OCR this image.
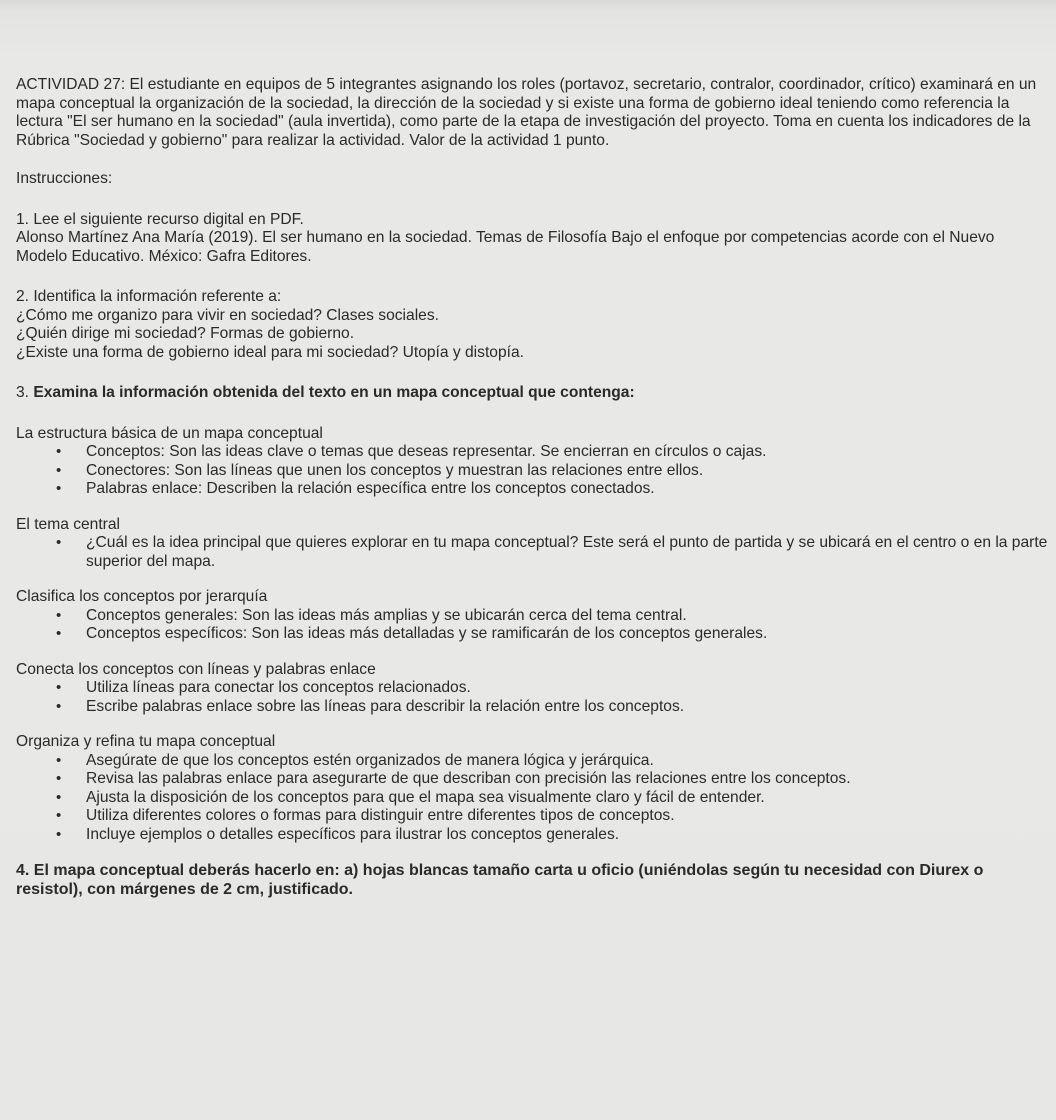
ACTIVIDAD 27: El estudiante en equipos de 5 integrantes asignando los roles (portavoz, secretario, contralor, coordinador, crítico) examinará en un mapa conceptual la organización de la sociedad, la dirección de la sociedad y si existe una forma de gobierno ideal teniendo como referencia la lectura "El ser humano en la sociedad" (aula invertida), como parte de la etapa de investigación del proyecto. Toma en cuenta los indicadores de la Rúbrica "Sociedad y gobierno" para realizar la actividad. Valor de la actividad 1 punto.

Instrucciones:

1. Lee el siguiente recurso digital en PDF.

Alonso Martínez Ana María (2019). El ser humano en la sociedad. Temas de Filosofía Bajo el enfoque por competencias acorde con el Nuevo Modelo Educativo. México: Gafra Editores.

2. Identifica la información referente a:

¿Cómo me organizo para vivir en sociedad? Clases sociales.

¿Quién dirige mi sociedad? Formas de gobierno.

¿Existe una forma de gobierno ideal para mi sociedad? Utopía y distopía.

3. Examina la información obtenida del texto en un mapa conceptual que contenga:

La estructura básica de un mapa conceptual

• Conceptos: Son las ideas clave o temas que deseas representar. Se encierran en círculos o cajas.
• Conectores: Son las líneas que unen los conceptos y muestran las relaciones entre ellos.
• Palabras enlace: Describen la relación específica entre los conceptos conectados.

El tema central

• ¿Cuál es la idea principal que quieres explorar en tu mapa conceptual? Este será el punto de partida y se ubicará en el centro o en la parte superior del mapa.

Clasifica los conceptos por jerarquía

• Conceptos generales: Son las ideas más amplias y se ubicarán cerca del tema central.
• Conceptos específicos: Son las ideas más detalladas y se ramificarán de los conceptos generales.

Conecta los conceptos con líneas y palabras enlace

• Utiliza líneas para conectar los conceptos relacionados.
• Escribe palabras enlace sobre las líneas para describir la relación entre los conceptos.

Organiza y refina tu mapa conceptual

• Asegúrate de que los conceptos estén organizados de manera lógica y jerárquica.
• Revisa las palabras enlace para asegurarte de que describan con precisión las relaciones entre los conceptos.
• Ajusta la disposición de los conceptos para que el mapa sea visualmente claro y fácil de entender.
• Utiliza diferentes colores o formas para distinguir entre diferentes tipos de conceptos.
• Incluye ejemplos o detalles específicos para ilustrar los conceptos generales.

4. El mapa conceptual deberás hacerlo en: a) hojas blancas tamaño carta u oficio (uniéndolas según tu necesidad con Diurex o resistol), con márgenes de 2 cm, justificado.
